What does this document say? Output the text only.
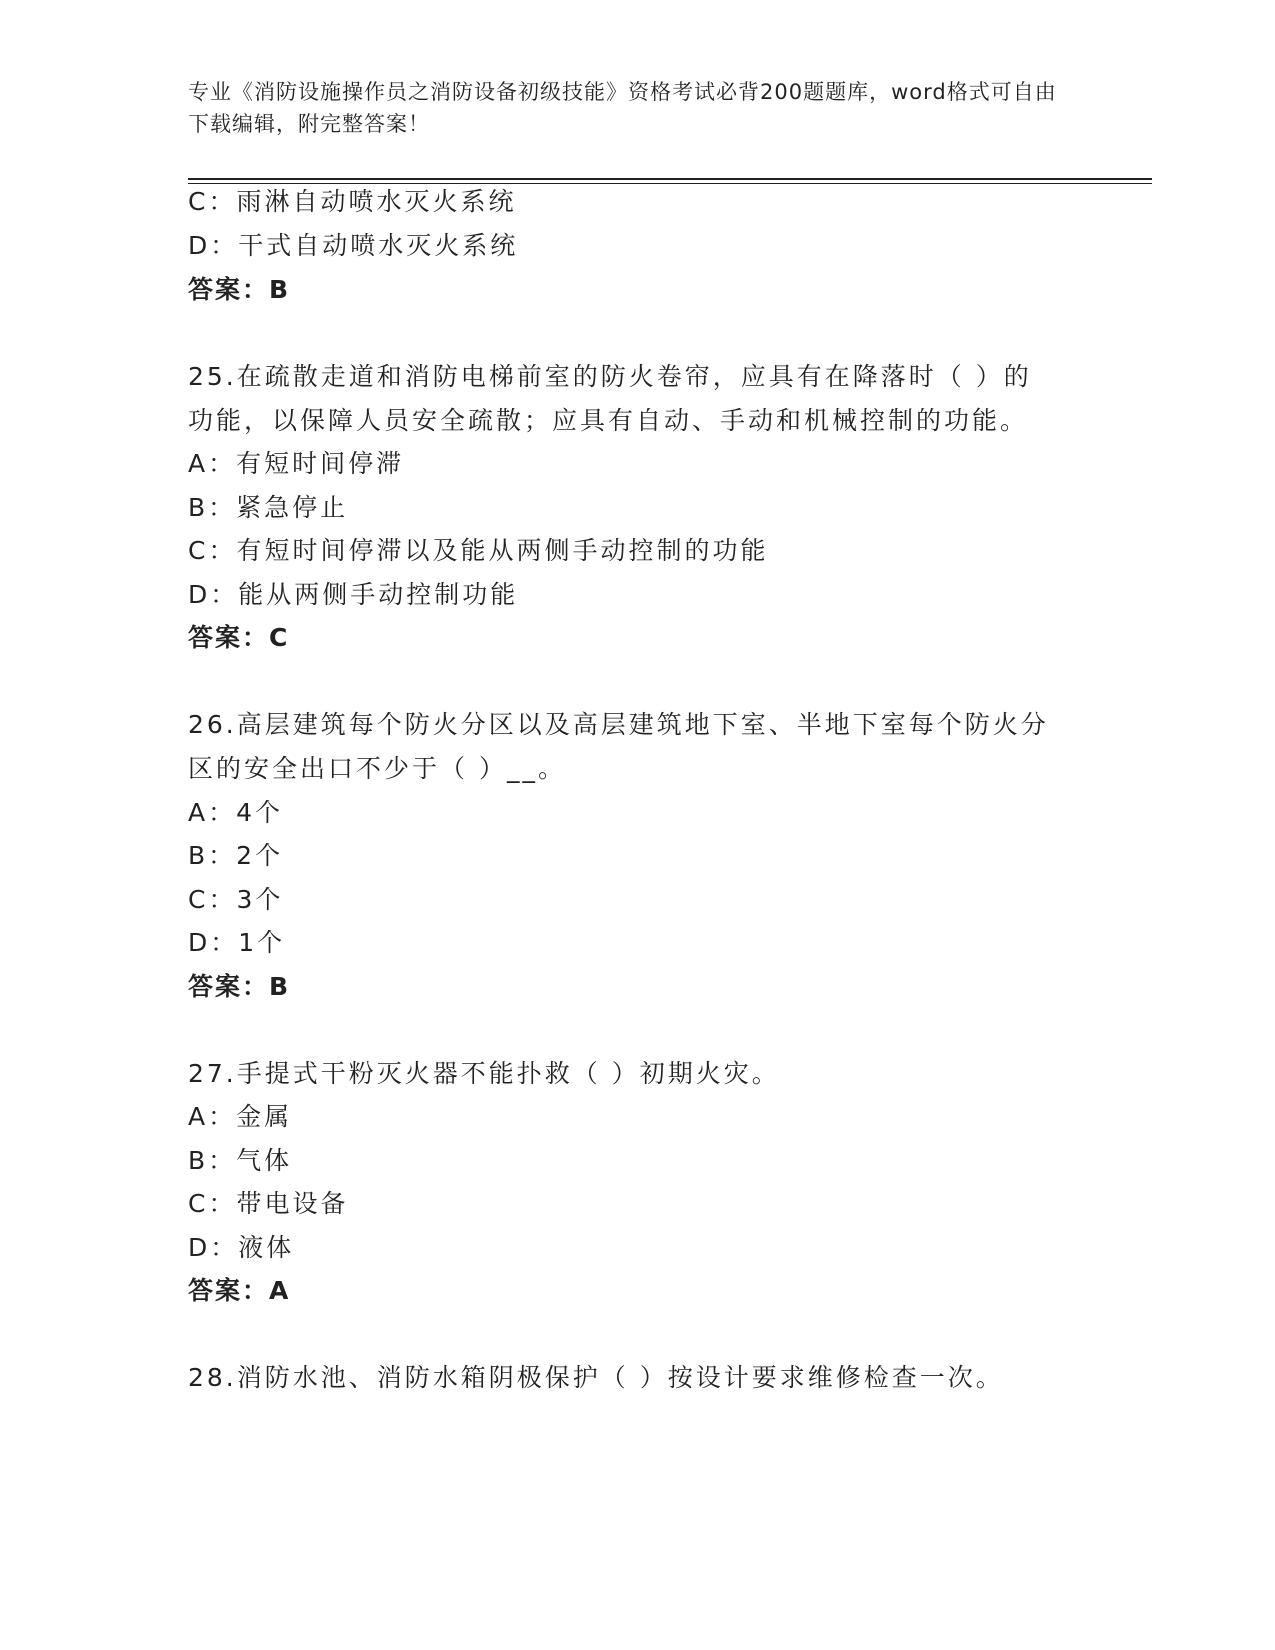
专业《消防设施操作员之消防设备初级技能》资格考试必背200题题库，word格式可自由下载编辑，附完整答案！
C：雨淋自动喷水灭火系统
D：干式自动喷水灭火系统
答案：B
25.在疏散走道和消防电梯前室的防火卷帘，应具有在降落时（ ）的
功能，以保障人员安全疏散；应具有自动、手动和机械控制的功能。
A：有短时间停滞
B：紧急停止
C：有短时间停滞以及能从两侧手动控制的功能
D：能从两侧手动控制功能
答案：C
26.高层建筑每个防火分区以及高层建筑地下室、半地下室每个防火分
区的安全出口不少于（ ）__。
A：4个
B：2个
C：3个
D：1个
答案：B
27.手提式干粉灭火器不能扑救（ ）初期火灾。
A：金属
B：气体
C：带电设备
D：液体
答案：A
28.消防水池、消防水箱阴极保护（ ）按设计要求维修检查一次。
